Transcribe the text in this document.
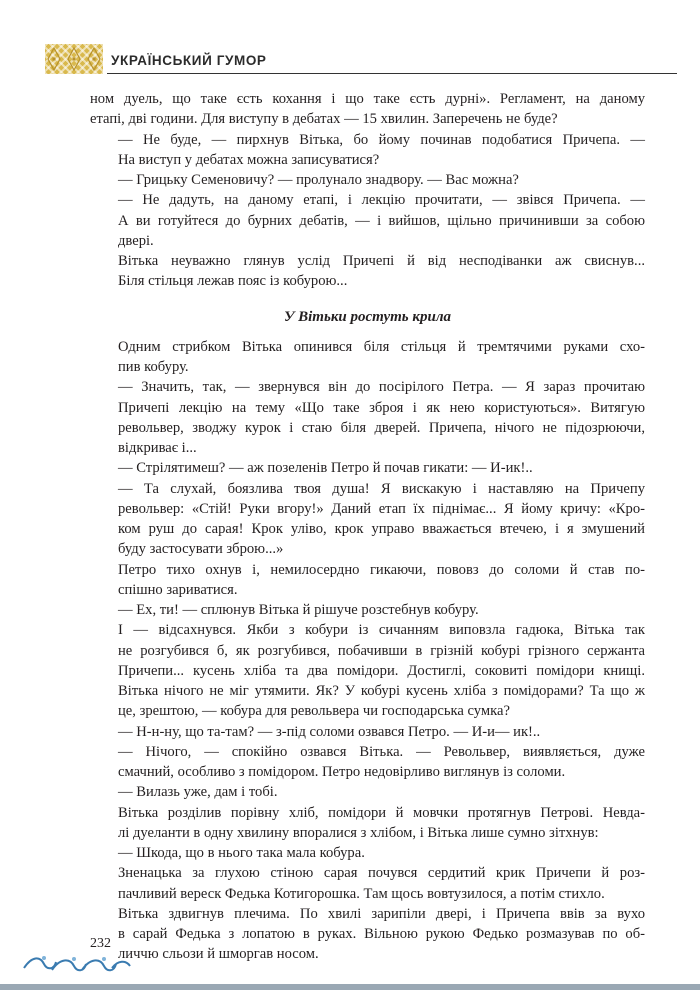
УКРАЇНСЬКИЙ ГУМОР

ном дуель, що таке єсть кохання і що таке єсть дурні». Регламент, на даному
етапі, дві години. Для виступу в дебатах — 15 хвилин. Заперечень не буде?

— Не буде, — пирхнув Вітька, бо йому починав подобатися Причепа. —
На виступ у дебатах можна записуватися?

— Грицьку Семеновичу? — пролунало знадвору. — Вас можна?

— Не дадуть, на даному етапі, і лекцію прочитати, — звівся Причепа. —
А ви готуйтеся до бурних дебатів, — і вийшов, щільно причинивши за собою
двері.

Вітька неуважно глянув услід Причепі й від несподіванки аж свиснув...
Біля стільця лежав пояс із кобурою...

У Вітьки ростуть крила

Одним стрибком Вітька опинився біля стільця й тремтячими руками схо-
пив кобуру.

— Значить, так, — звернувся він до посірілого Петра. — Я зараз прочитаю
Причепі лекцію на тему «Що таке зброя і як нею користуються». Витягую
револьвер, зводжу курок і стаю біля дверей. Причепа, нічого не підозрюючи,
відкриває і...

— Стрілятимеш? — аж позеленів Петро й почав гикати: — И-ик!..

— Та слухай, боязлива твоя душа! Я вискакую і наставляю на Причепу
револьвер: «Стій! Руки вгору!» Даний етап їх піднімає... Я йому кричу: «Кро-
ком руш до сарая! Крок уліво, крок управо вважається втечею, і я змушений
буду застосувати зброю...»

Петро тихо охнув і, немилосердно гикаючи, пововз до соломи й став по-
спішно зариватися.

— Ех, ти! — сплюнув Вітька й рішуче розстебнув кобуру.

І — відсахнувся. Якби з кобури із сичанням виповзла гадюка, Вітька так
не розгубився б, як розгубився, побачивши в грізній кобурі грізного сержанта
Причепи... кусень хліба та два помідори. Достиглі, соковиті помідори книщі.
Вітька нічого не міг утямити. Як? У кобурі кусень хліба з помідорами? Та що ж
це, зрештою, — кобура для револьвера чи господарська сумка?

— Н-н-ну, що та-там? — з-під соломи озвався Петро. — И-и— ик!..

— Нічого, — спокійно озвався Вітька. — Револьвер, виявляється, дуже
смачний, особливо з помідором. Петро недовірливо виглянув із соломи.

— Вилазь уже, дам і тобі.

Вітька розділив порівну хліб, помідори й мовчки протягнув Петрові. Невда-
лі дуеланти в одну хвилину впоралися з хлібом, і Вітька лише сумно зітхнув:

— Шкода, що в нього така мала кобура.

Зненацька за глухою стіною сарая почувся сердитий крик Причепи й роз-
пачливий вереск Федька Котигорошка. Там щось вовтузилося, а потім стихло.

Вітька здвигнув плечима. По хвилі зарипіли двері, і Причепа ввів за вухо
в сарай Федька з лопатою в руках. Вільною рукою Федько розмазував по об-
личчю сльози й шморгав носом.

232
